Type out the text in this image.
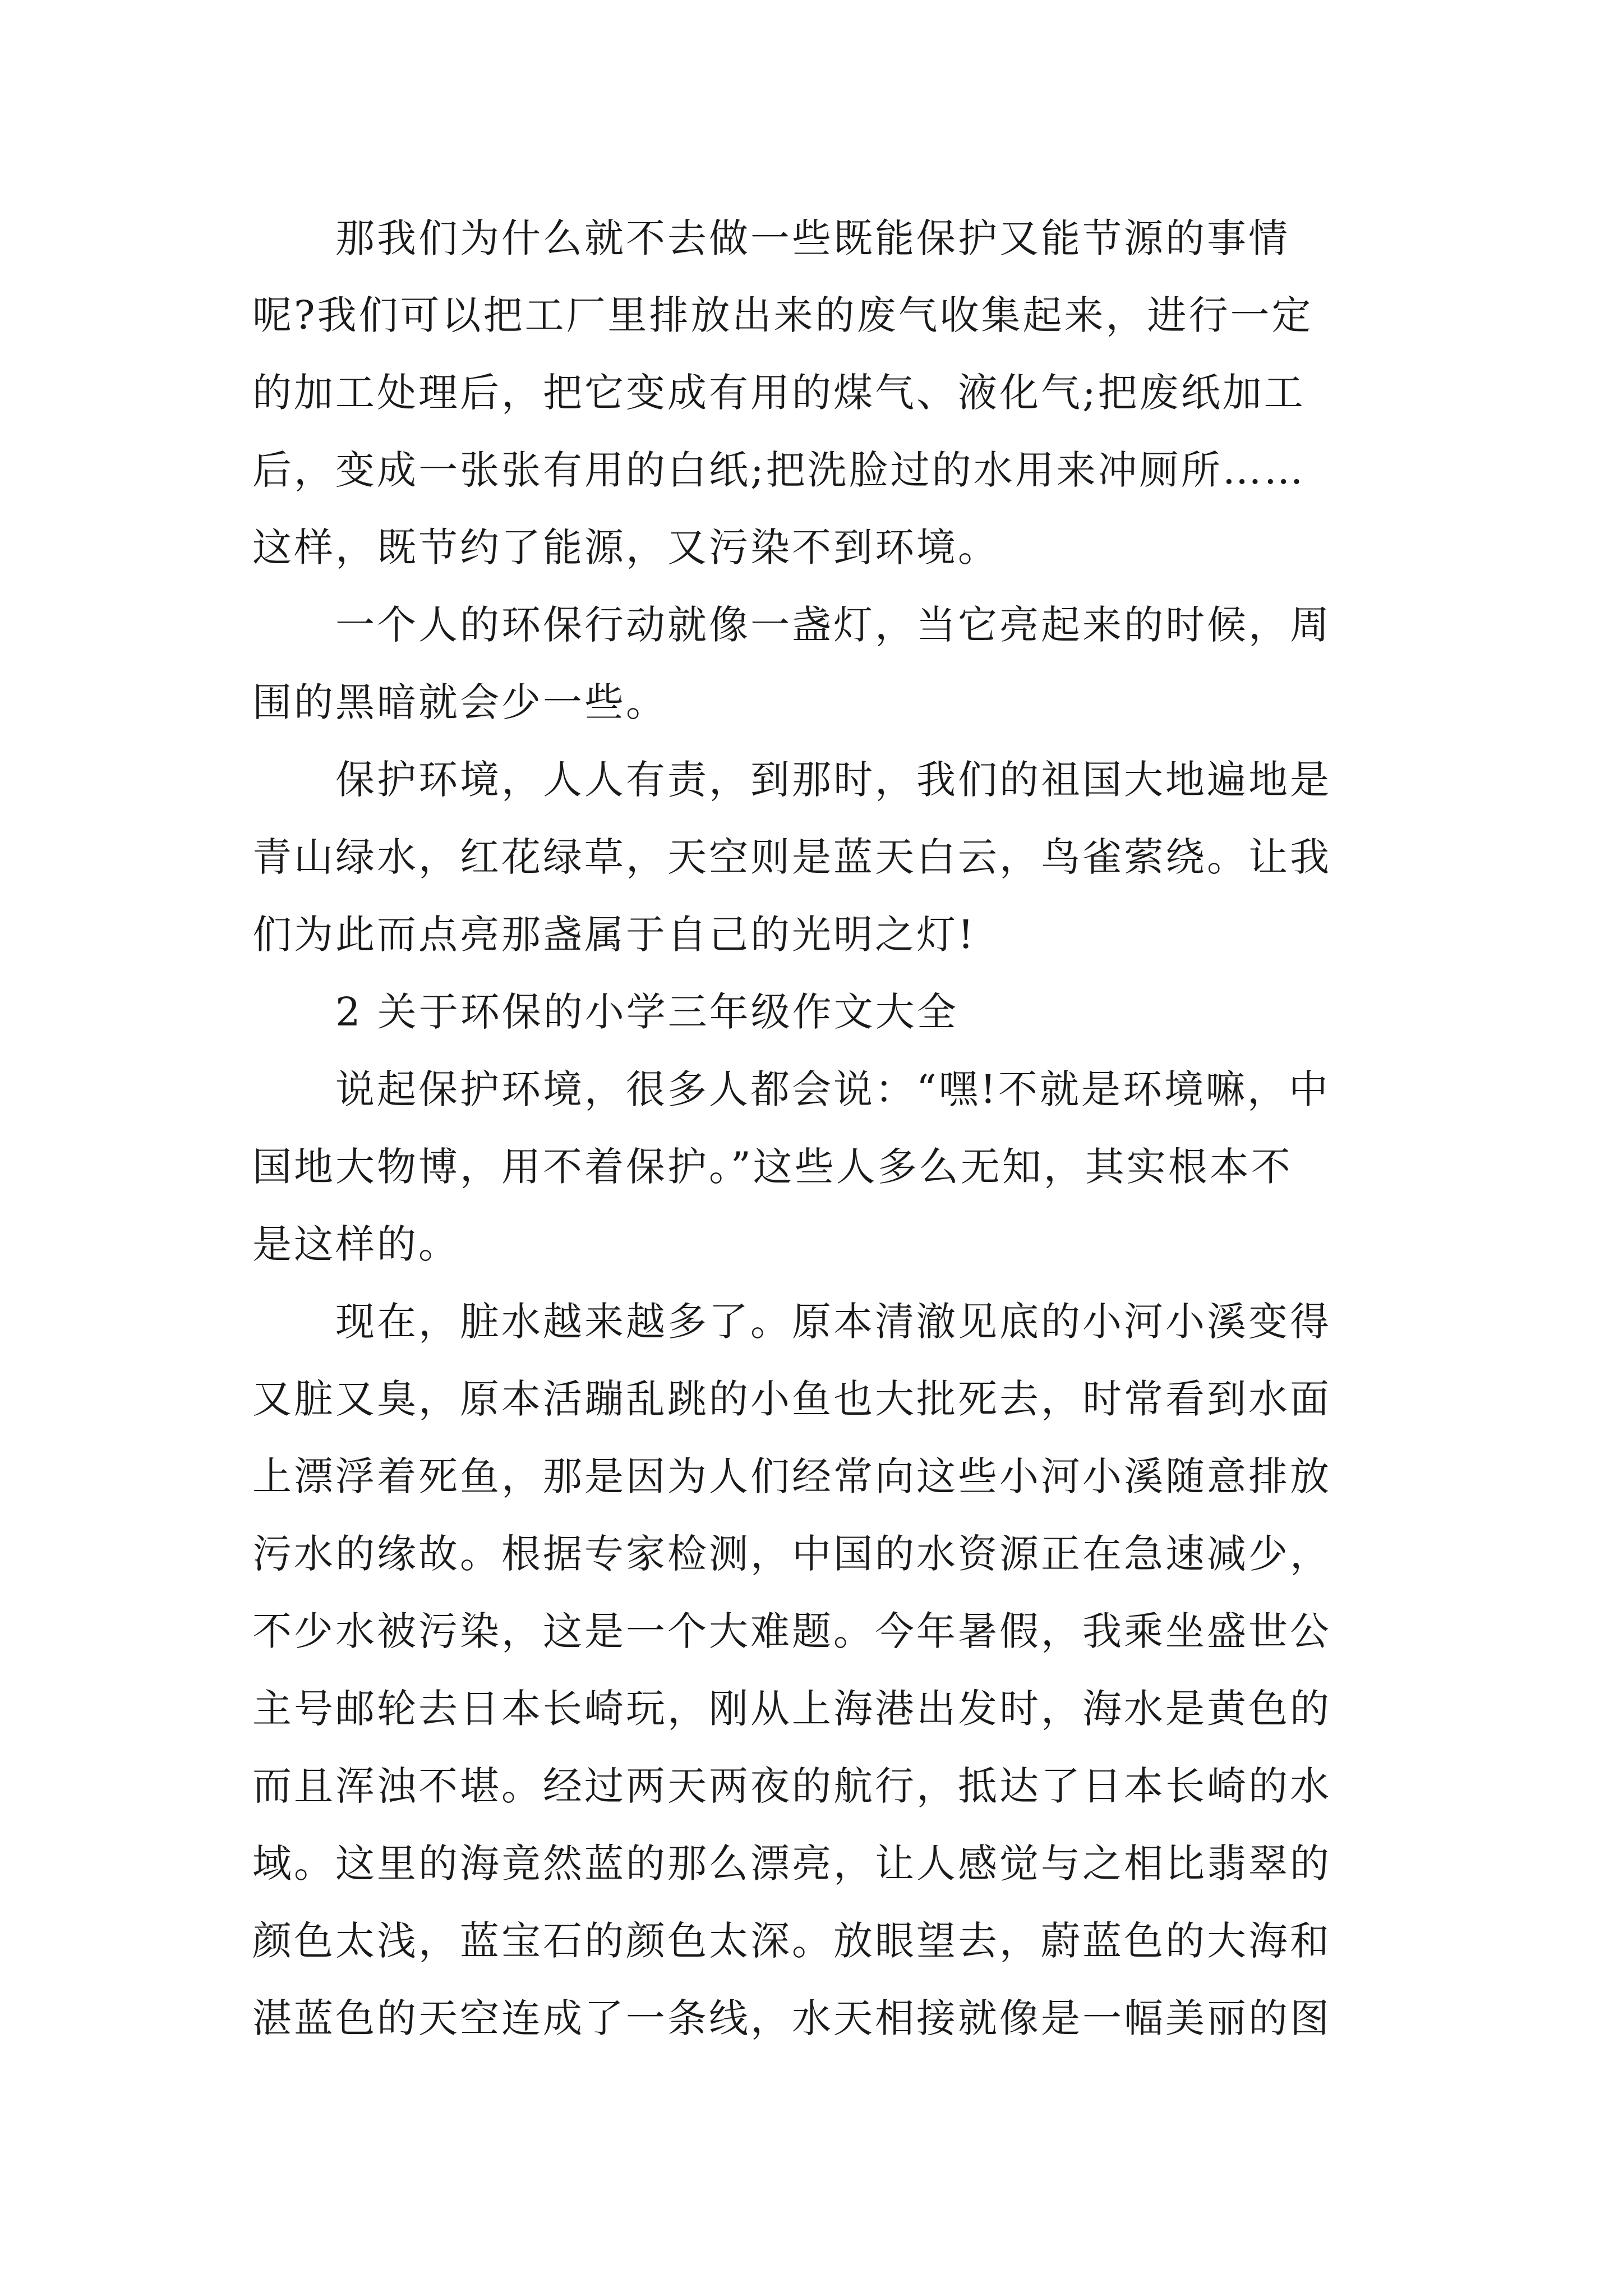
那我们为什么就不去做一些既能保护又能节源的事情
呢?我们可以把工厂里排放出来的废气收集起来，进行一定
的加工处理后，把它变成有用的煤气、液化气;把废纸加工
后，变成一张张有用的白纸;把洗脸过的水用来冲厕所……
这样，既节约了能源，又污染不到环境。
一个人的环保行动就像一盏灯，当它亮起来的时候，周
围的黑暗就会少一些。
保护环境，人人有责，到那时，我们的祖国大地遍地是
青山绿水，红花绿草，天空则是蓝天白云，鸟雀萦绕。让我
们为此而点亮那盏属于自己的光明之灯!
2 关于环保的小学三年级作文大全
说起保护环境，很多人都会说：“嘿!不就是环境嘛，中
国地大物博，用不着保护。”这些人多么无知，其实根本不
是这样的。
现在，脏水越来越多了。原本清澈见底的小河小溪变得
又脏又臭，原本活蹦乱跳的小鱼也大批死去，时常看到水面
上漂浮着死鱼，那是因为人们经常向这些小河小溪随意排放
污水的缘故。根据专家检测，中国的水资源正在急速减少，
不少水被污染，这是一个大难题。今年暑假，我乘坐盛世公
主号邮轮去日本长崎玩，刚从上海港出发时，海水是黄色的
而且浑浊不堪。经过两天两夜的航行，抵达了日本长崎的水
域。这里的海竟然蓝的那么漂亮，让人感觉与之相比翡翠的
颜色太浅，蓝宝石的颜色太深。放眼望去，蔚蓝色的大海和
湛蓝色的天空连成了一条线，水天相接就像是一幅美丽的图
